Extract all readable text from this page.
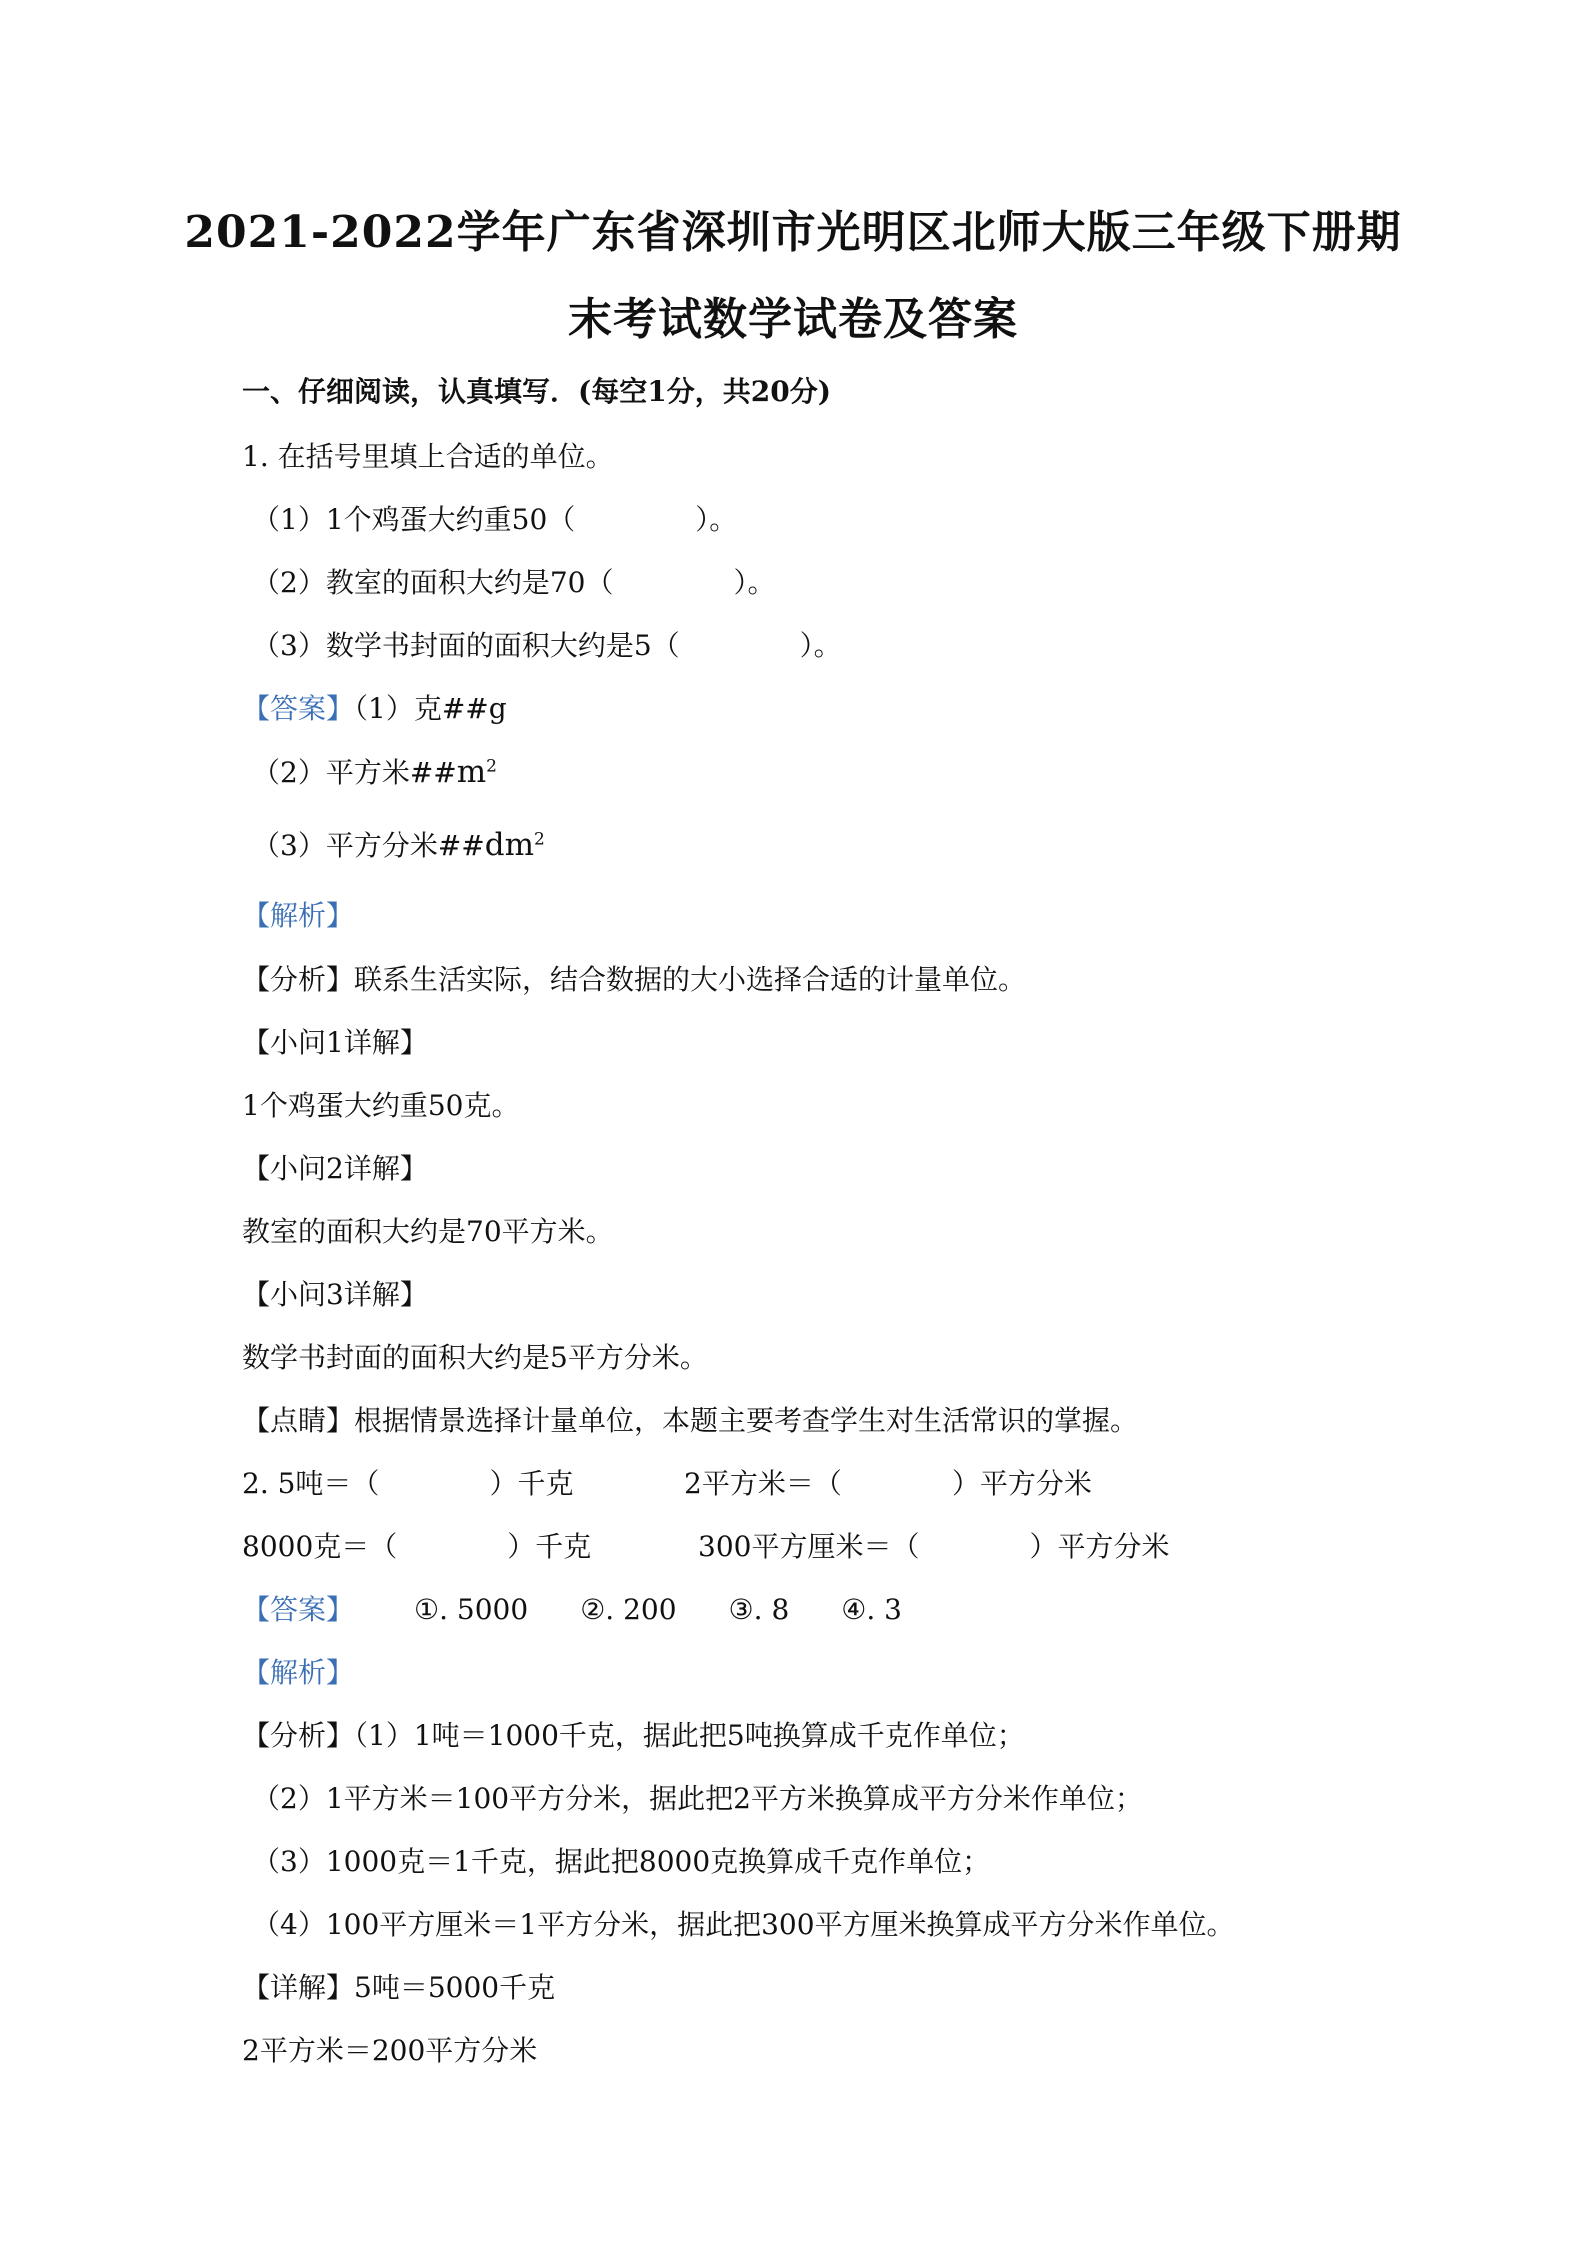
2021-2022学年广东省深圳市光明区北师大版三年级下册期
末考试数学试卷及答案
一、仔细阅读，认真填写．(每空1分，共20分)
1. 在括号里填上合适的单位。
（1）1个鸡蛋大约重50（	）。
（2）教室的面积大约是70（	）。
（3）数学书封面的面积大约是5（	）。
【答案】（1）克##g
（2）平方米$\#\#m^2$
（3）平方分米$\#\#dm^2$
【解析】
【分析】联系生活实际，结合数据的大小选择合适的计量单位。
【小问1详解】
1个鸡蛋大约重50克。
【小问2详解】
教室的面积大约是70平方米。
【小问3详解】
数学书封面的面积大约是5平方分米。
【点睛】根据情景选择计量单位，本题主要考查学生对生活常识的掌握。
2. 5吨＝（	）千克	2平方米＝（	）平方分米
8000克＝（	）千克	300平方厘米＝（	）平方分米
【答案】 ①. 5000 ②. 200 ③. 8 ④. 3
【解析】
【分析】（1）1吨＝1000千克，据此把5吨换算成千克作单位；
（2）1平方米＝100平方分米，据此把2平方米换算成平方分米作单位；
（3）1000克＝1千克，据此把8000克换算成千克作单位；
（4）100平方厘米＝1平方分米，据此把300平方厘米换算成平方分米作单位。
【详解】5吨＝5000千克
2平方米＝200平方分米
